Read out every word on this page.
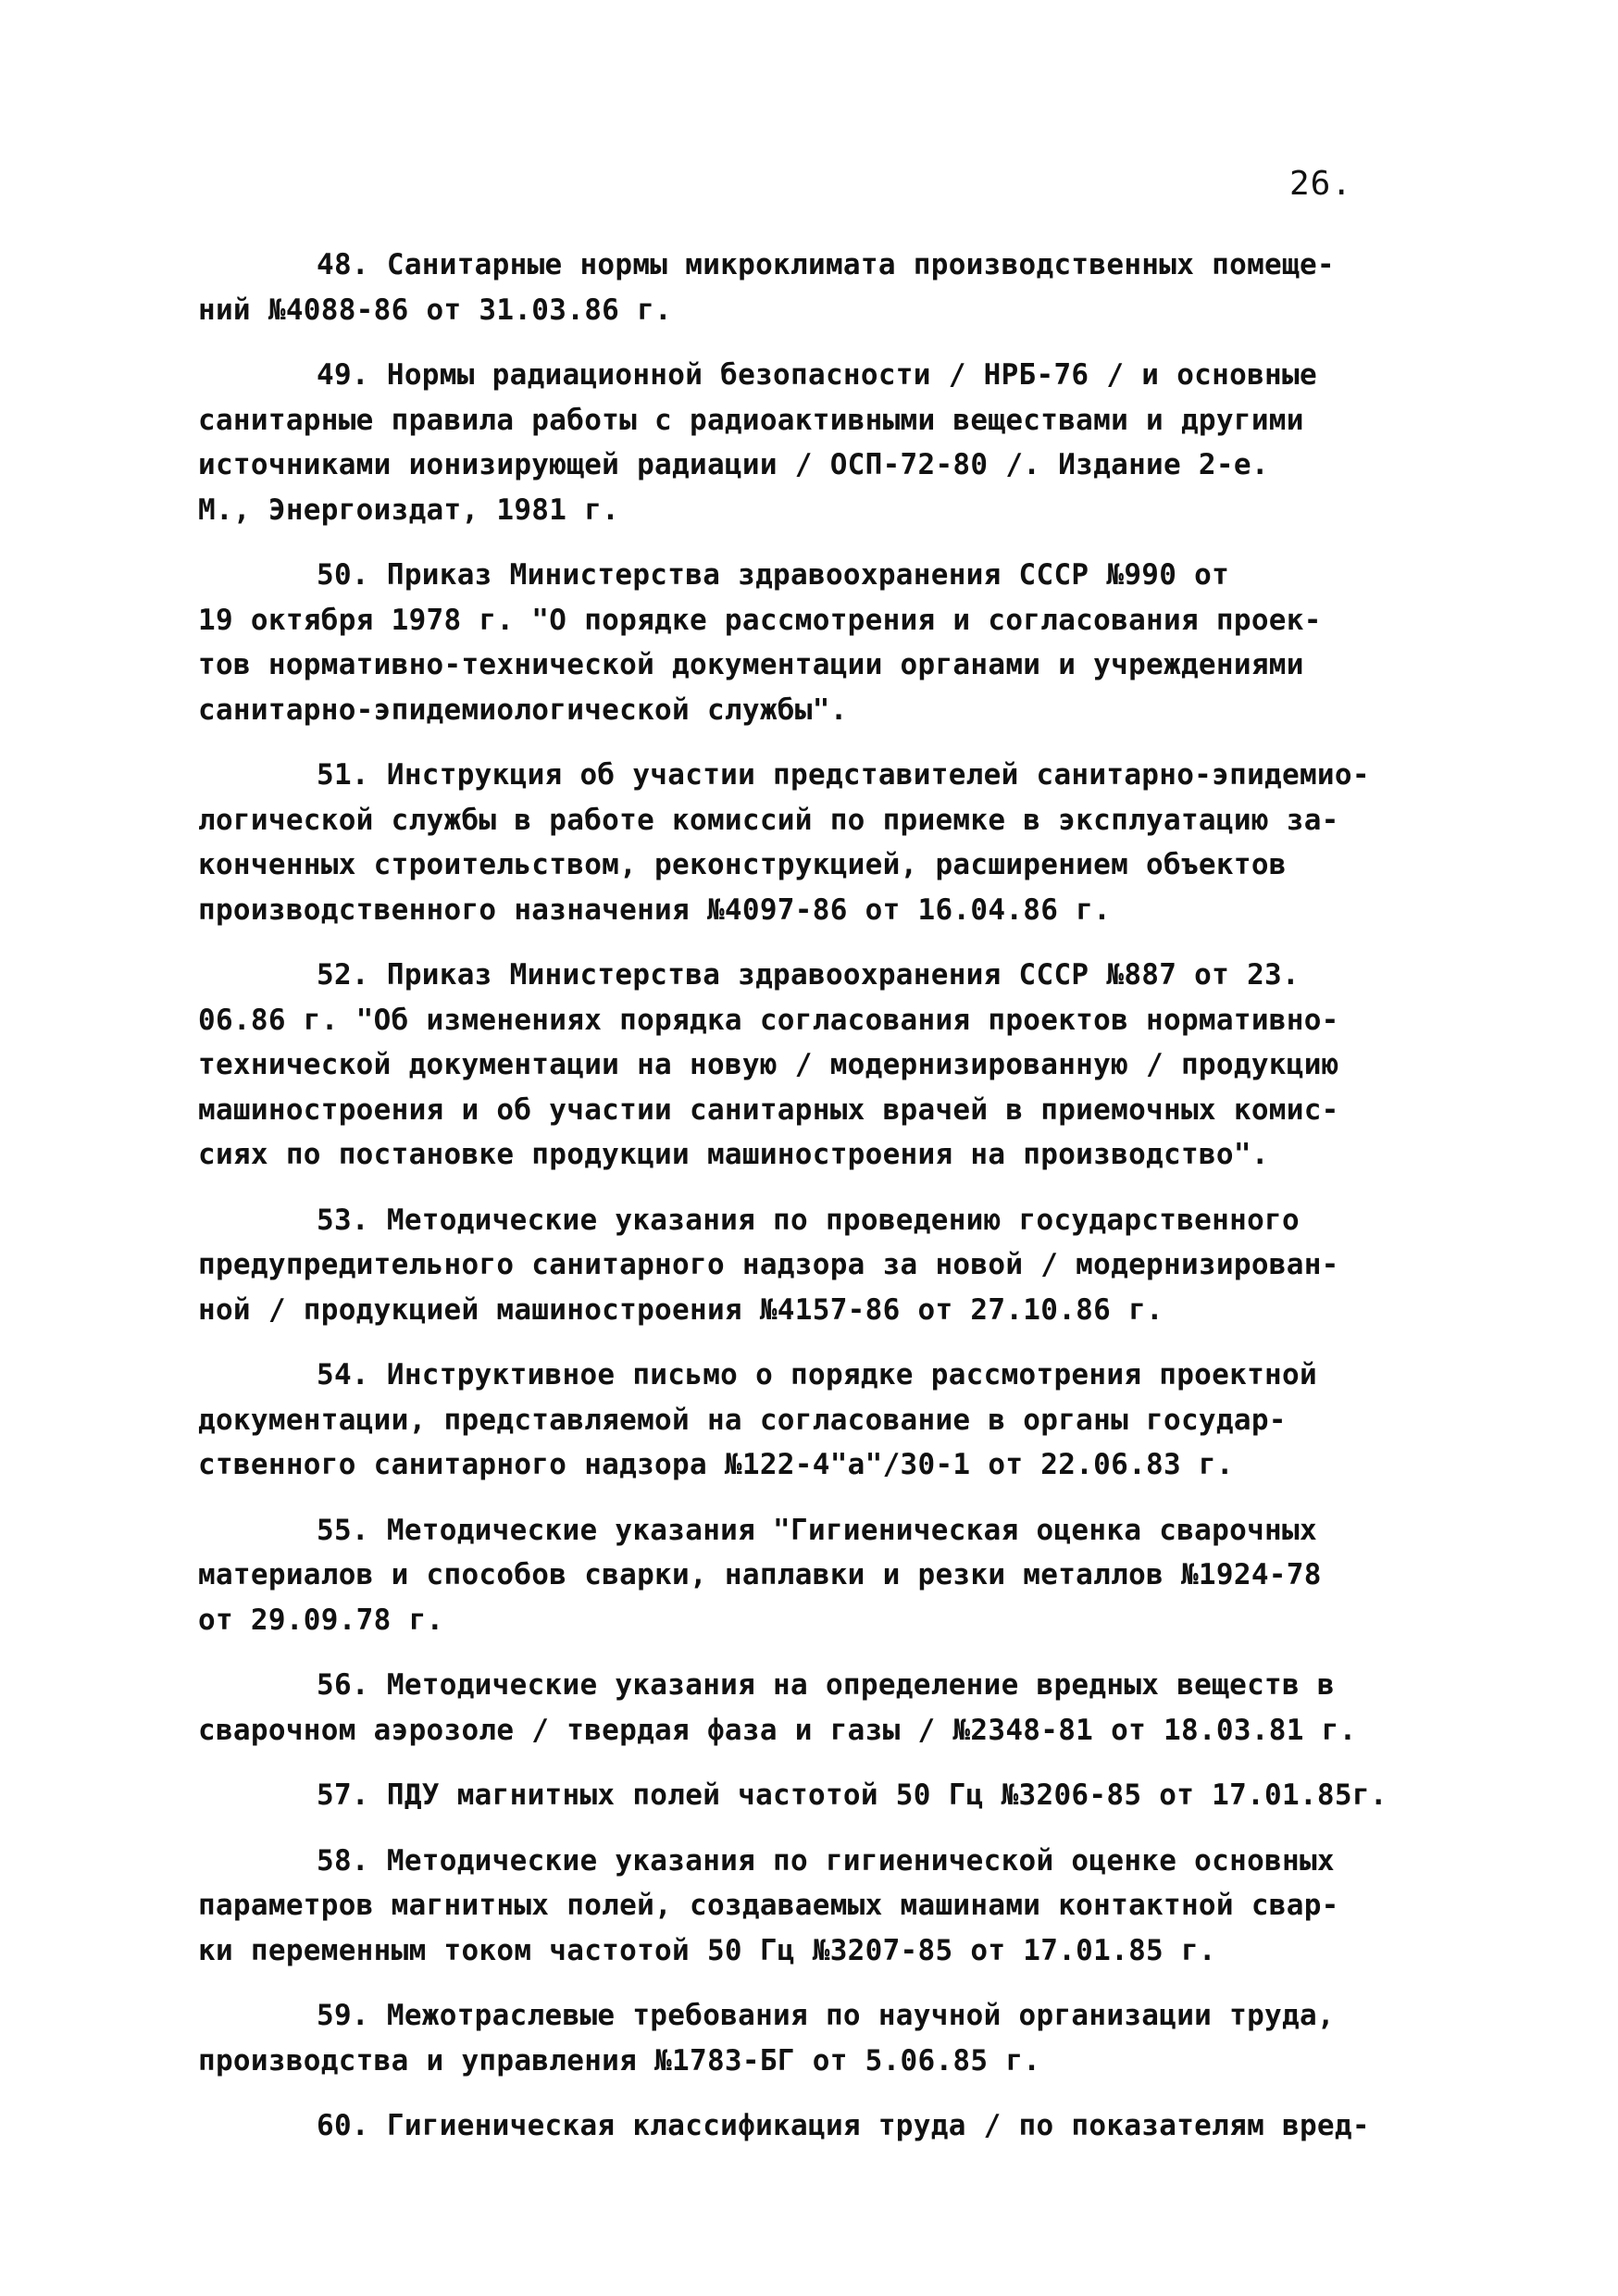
26.
48. Санитарные нормы микроклимата производственных помеще-
ний №4088-86 от 31.03.86 г.
49. Нормы радиационной безопасности / НРБ-76 / и основные
санитарные правила работы с радиоактивными веществами и другими
источниками ионизирующей радиации / ОСП-72-80 /. Издание 2-е.
М., Энергоиздат, 1981 г.
50. Приказ Министерства здравоохранения СССР №990 от
19 октября 1978 г. "О порядке рассмотрения и согласования проек-
тов нормативно-технической документации органами и учреждениями
санитарно-эпидемиологической службы".
51. Инструкция об участии представителей санитарно-эпидемио-
логической службы в работе комиссий по приемке в эксплуатацию за-
конченных строительством, реконструкцией, расширением объектов
производственного назначения №4097-86 от 16.04.86 г.
52. Приказ Министерства здравоохранения СССР №887 от 23.
06.86 г. "Об изменениях порядка согласования проектов нормативно-
технической документации на новую / модернизированную / продукцию
машиностроения и об участии санитарных врачей в приемочных комис-
сиях по постановке продукции машиностроения на производство".
53. Методические указания по проведению государственного
предупредительного санитарного надзора за новой / модернизирован-
ной / продукцией машиностроения №4157-86 от 27.10.86 г.
54. Инструктивное письмо о порядке рассмотрения проектной
документации, представляемой на согласование в органы государ-
ственного санитарного надзора №122-4"а"/30-1 от 22.06.83 г.
55. Методические указания "Гигиеническая оценка сварочных
материалов и способов сварки, наплавки и резки металлов №1924-78
от 29.09.78 г.
56. Методические указания на определение вредных веществ в
сварочном аэрозоле / твердая фаза и газы / №2348-81 от 18.03.81 г.
57. ПДУ магнитных полей частотой 50 Гц №3206-85 от 17.01.85г.
58. Методические указания по гигиенической оценке основных
параметров магнитных полей, создаваемых машинами контактной свар-
ки переменным током частотой 50 Гц №3207-85 от 17.01.85 г.
59. Межотраслевые требования по научной организации труда,
производства и управления №1783-БГ от 5.06.85 г.
60. Гигиеническая классификация труда / по показателям вред-
